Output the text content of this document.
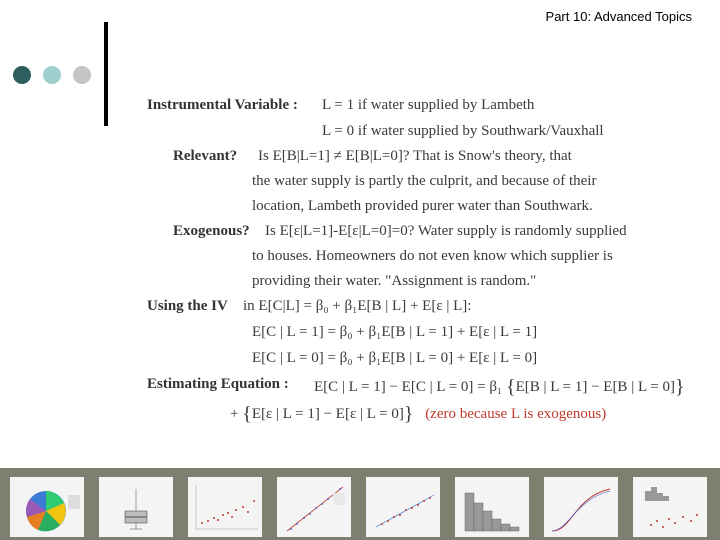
Part 10: Advanced Topics
Instrumental Variable : L = 1 if water supplied by Lambeth
L = 0 if water supplied by Southwark/Vauxhall
Relevant? Is E[B|L=1] ≠ E[B|L=0]? That is Snow's theory, that
the water supply is partly the culprit, and because of their
location, Lambeth provided purer water than Southwark.
Exogenous? Is E[ε|L=1]-E[ε|L=0]=0? Water supply is randomly supplied
to houses. Homeowners do not even know which supplier is
providing their water. "Assignment is random."
Using the IV in E[C|L] = β₀ + β₁E[B | L] + E[ε | L]:
E[C | L = 1] = β₀ + β₁E[B | L = 1] + E[ε | L = 1]
E[C | L = 0] = β₀ + β₁E[B | L = 0] + E[ε | L = 0]
Estimating Equation : E[C | L = 1] − E[C | L = 0] = β₁ {E[B | L = 1] − E[B | L = 0]}
+ {E[ε | L = 1] − E[ε | L = 0]} (zero because L is exogenous)
